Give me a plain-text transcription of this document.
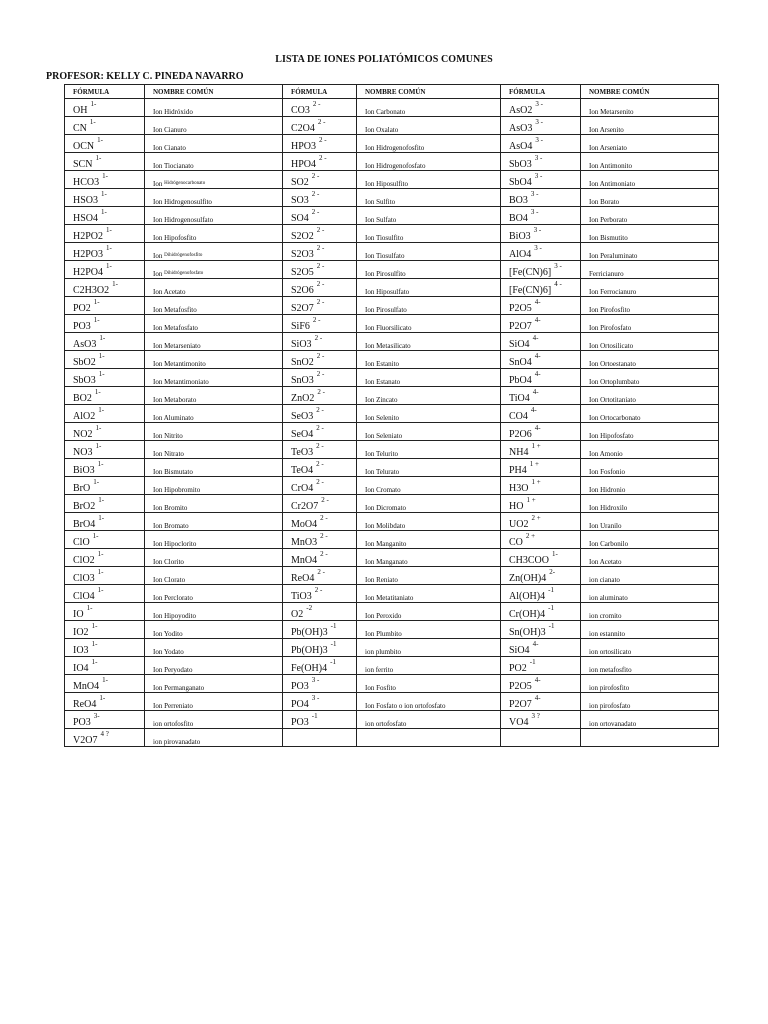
LISTA DE IONES POLIATÓMICOS COMUNES
PROFESOR: KELLY C. PINEDA NAVARRO
FÓRMULA	NOMBRE COMÚN	FÓRMULA	NOMBRE COMÚN	FÓRMULA	NOMBRE COMÚN
$OH^{1-}$	Ion Hidróxido	$CO3^{2 -}$	Ion Carbonato	$AsO2^{3 -}$	Ion Metarsenito
$CN^{1-}$	Ion Cianuro	$C2O4^{2 -}$	Ion Oxalato	$AsO3^{3 -}$	Ion Arsenito
$OCN^{1-}$	Ion Cianato	$HPO3^{2 -}$	Ion Hidrogenofosfito	$AsO4^{3 -}$	Ion Arseniato
$SCN^{1-}$	Ion Tiocianato	$HPO4^{2 -}$	Ion Hidrogenofosfato	$SbO3^{3 -}$	Ion Antimonito
$HCO3^{1-}$	Ion $^{Hidrógenocarbonato}$	$SO2^{2 -}$	Ion Hiposulfito	$SbO4^{3 -}$	Ion Antimoniato
$HSO3^{1-}$	Ion Hidrogenosulfito	$SO3^{2 -}$	Ion Sulfito	$BO3^{3 -}$	Ion Borato
$HSO4^{1-}$	Ion Hidrogenosulfato	$SO4^{2 -}$	Ion Sulfato	$BO4^{3 -}$	Ion Perborato
$H2PO2^{1-}$	Ion Hipofosfito	$S2O2^{2 -}$	Ion Tiosulfito	$BiO3^{3 -}$	Ion Bismutito
$H2PO3^{1-}$	Ion $^{Dihidrógenofosfito}$	$S2O3^{2 -}$	Ion Tiosulfato	$AlO4^{3 -}$	Ion Peraluminato
$H2PO4^{1-}$	Ion $^{Dihidrógenofosfato}$	$S2O5^{2 -}$	Ion Pirosulfito	$[Fe(CN)6]^{3 -}$	Ferricianuro
$C2H3O2^{1-}$	Ion Acetato	$S2O6^{2 -}$	Ion Hiposulfato	$[Fe(CN)6]^{4 -}$	Ion Ferrocianuro
$PO2^{1-}$	Ion Metafosfito	$S2O7^{2 -}$	Ion Pirosulfato	$P2O5^{4-}$	Ion Pirofosfito
$PO3^{1-}$	Ion Metafosfato	$SiF6^{2 -}$	Ion Fluorsilicato	$P2O7^{4-}$	Ion Pirofosfato
$AsO3^{1-}$	Ion Metarseniato	$SiO3^{2 -}$	Ion Metasilicato	$SiO4^{4-}$	Ion Ortosilicato
$SbO2^{1-}$	Ion Metantimonito	$SnO2^{2 -}$	Ion Estanito	$SnO4^{4-}$	Ion Ortoestanato
$SbO3^{1-}$	Ion Metantimoniato	$SnO3^{2 -}$	Ion Estanato	$PbO4^{4-}$	Ion Ortoplumbato
$BO2^{1-}$	Ion Metaborato	$ZnO2^{2 -}$	Ion Zincato	$TiO4^{4-}$	Ion Ortotitaniato
$AlO2^{1-}$	Ion Aluminato	$SeO3^{2 -}$	Ion Selenito	$CO4^{4-}$	Ion Ortocarbonato
$NO2^{1-}$	Ion Nitrito	$SeO4^{2 -}$	Ion Seleniato	$P2O6^{4-}$	Ion Hipofosfato
$NO3^{1-}$	Ion Nitrato	$TeO3^{2 -}$	Ion Telurito	$NH4^{1 +}$	Ion Amonio
$BiO3^{1-}$	Ion Bismutato	$TeO4^{2 -}$	Ion Telurato	$PH4^{1 +}$	Ion Fosfonio
BrO$^{1-}$	Ion Hipobromito	$CrO4^{2 -}$	Ion Cromato	$H3O^{1 +}$	Ion Hidronio
$BrO2^{1-}$	Ion Bromito	$Cr2O7^{2 -}$	Ion Dicromato	$HO^{1 +}$	Ion Hidroxilo
$BrO4^{1-}$	Ion Bromato	$MoO4^{2 -}$	Ion Molibdato	$UO2^{2 +}$	Ion Uranilo
ClO$^{1-}$	Ion Hipoclorito	$MnO3^{2 -}$	Ion Manganito	$CO^{2 +}$	Ion Carbonilo
$ClO2^{1-}$	Ion Clorito	$MnO4^{2 -}$	Ion Manganato	$CH3COO^{1-}$	Ion Acetato
$ClO3^{1-}$	Ion Clorato	$ReO4^{2 -}$	Ion Reniato	$Zn(OH)4^{2-}$	ion cianato
$ClO4^{1-}$	Ion Perclorato	$TiO3^{2 -}$	Ion Metatitaniato	$Al(OH)4^{-1}$	ion aluminato
$IO^{1-}$	Ion Hipoyodito	$O2^{-2}$	Ion Peroxido	$Cr(OH)4^{-1}$	ion cromito
$IO2^{1-}$	Ion Yodito	$Pb(OH)3^{-1}$	Ion Plumbito	$Sn(OH)3^{-1}$	ion estannito
$IO3^{1-}$	Ion Yodato	$Pb(OH)3^{-1}$	ion plumbito	$SiO4^{4-}$	ion ortosilicato
$IO4^{1-}$	Ion Peryodato	$Fe(OH)4^{-1}$	ion ferrito	$PO2^{-1}$	ion metafosfito
$MnO4^{1-}$	Ion Permanganato	$PO3^{3 -}$	Ion Fosfito	$P2O5^{4-}$	ion pirofosfito
$ReO4^{1-}$	Ion Perreniato	$PO4^{3 -}$	Ion Fosfato o ion ortofosfato	$P2O7^{4-}$	ion pirofosfato
$PO3^{3-}$	ion ortofosfito	$PO3^{-1}$	ion ortofosfato	$VO4^{3 ?}$	ion ortovanadato
$V2O7^{4 ?}$	ion pirovanadato				
